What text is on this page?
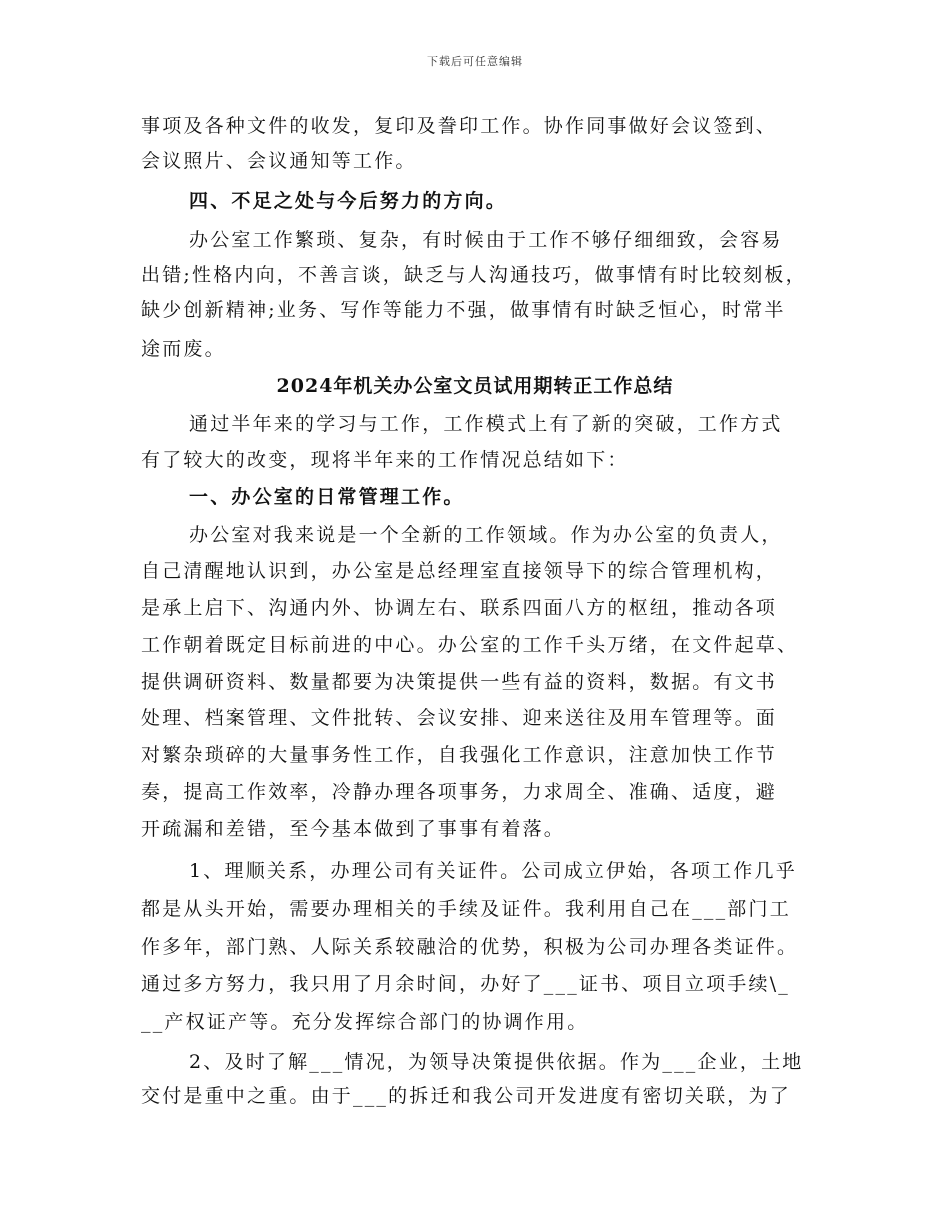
下载后可任意编辑
事项及各种文件的收发，复印及誊印工作。协作同事做好会议签到、
会议照片、会议通知等工作。
四、不足之处与今后努力的方向。
办公室工作繁琐、复杂，有时候由于工作不够仔细细致，会容易
出错;性格内向，不善言谈，缺乏与人沟通技巧，做事情有时比较刻板，
缺少创新精神;业务、写作等能力不强，做事情有时缺乏恒心，时常半
途而废。
2024年机关办公室文员试用期转正工作总结
通过半年来的学习与工作，工作模式上有了新的突破，工作方式
有了较大的改变，现将半年来的工作情况总结如下：
一、办公室的日常管理工作。
办公室对我来说是一个全新的工作领域。作为办公室的负责人，
自己清醒地认识到，办公室是总经理室直接领导下的综合管理机构，
是承上启下、沟通内外、协调左右、联系四面八方的枢纽，推动各项
工作朝着既定目标前进的中心。办公室的工作千头万绪，在文件起草、
提供调研资料、数量都要为决策提供一些有益的资料，数据。有文书
处理、档案管理、文件批转、会议安排、迎来送往及用车管理等。面
对繁杂琐碎的大量事务性工作，自我强化工作意识，注意加快工作节
奏，提高工作效率，冷静办理各项事务，力求周全、准确、适度，避
开疏漏和差错，至今基本做到了事事有着落。
1、理顺关系，办理公司有关证件。公司成立伊始，各项工作几乎
都是从头开始，需要办理相关的手续及证件。我利用自己在___部门工
作多年，部门熟、人际关系较融洽的优势，积极为公司办理各类证件。
通过多方努力，我只用了月余时间，办好了___证书、项目立项手续\_
__产权证产等。充分发挥综合部门的协调作用。
2、及时了解___情况，为领导决策提供依据。作为___企业，土地
交付是重中之重。由于___的拆迁和我公司开发进度有密切关联，为了
